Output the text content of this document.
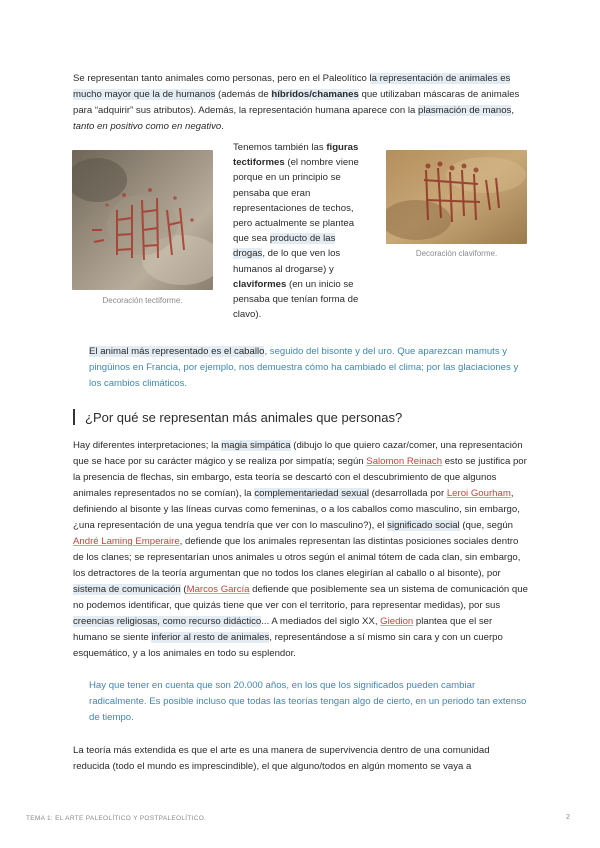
Se representan tanto animales como personas, pero en el Paleolítico la representación de animales es mucho mayor que la de humanos (además de híbridos/chamanes que utilizaban máscaras de animales para “adquirir” sus atributos). Además, la representación humana aparece con la plasmación de manos, tanto en positivo como en negativo.

Decoración tectiforme.

Tenemos también las figuras tectiformes (el nombre viene porque en un principio se pensaba que eran representaciones de techos, pero actualmente se plantea que sea producto de las drogas, de lo que ven los humanos al drogarse) y claviformes (en un inicio se pensaba que tenían forma de clavo).

Decoración claviforme.

El animal más representado es el caballo, seguido del bisonte y del uro. Que aparezcan mamuts y pingüinos en Francia, por ejemplo, nos demuestra cómo ha cambiado el clima; por las glaciaciones y los cambios climáticos.

¿Por qué se representan más animales que personas?

Hay diferentes interpretaciones; la magia simpática (dibujo lo que quiero cazar/comer, una representación que se hace por su carácter mágico y se realiza por simpatía; según Salomon Reinach esto se justifica por la presencia de flechas, sin embargo, esta teoría se descartó con el descubrimiento de que algunos animales representados no se comían), la complementariedad sexual (desarrollada por Leroi Gourham, definiendo al bisonte y las líneas curvas como femeninas, o a los caballos como masculino, sin embargo, ¿una representación de una yegua tendría que ver con lo masculino?), el significado social (que, según André Laming Emperaire, defiende que los animales representan las distintas posiciones sociales dentro de los clanes; se representarían unos animales u otros según el animal tótem de cada clan, sin embargo, los detractores de la teoría argumentan que no todos los clanes elegirían al caballo o al bisonte), por sistema de comunicación (Marcos García defiende que posiblemente sea un sistema de comunicación que no podemos identificar, que quizás tiene que ver con el territorio, para representar medidas), por sus creencias religiosas, como recurso didáctico... A mediados del siglo XX, Giedion plantea que el ser humano se siente inferior al resto de animales, representándose a sí mismo sin cara y con un cuerpo esquemático, y a los animales en todo su esplendor.

Hay que tener en cuenta que son 20.000 años, en los que los significados pueden cambiar radicalmente. Es posible incluso que todas las teorías tengan algo de cierto, en un periodo tan extenso de tiempo.

La teoría más extendida es que el arte es una manera de supervivencia dentro de una comunidad reducida (todo el mundo es imprescindible), el que alguno/todos en algún momento se vaya a

TEMA 1: EL ARTE PALEOLÍTICO Y POSTPALEOLÍTICO.	2
